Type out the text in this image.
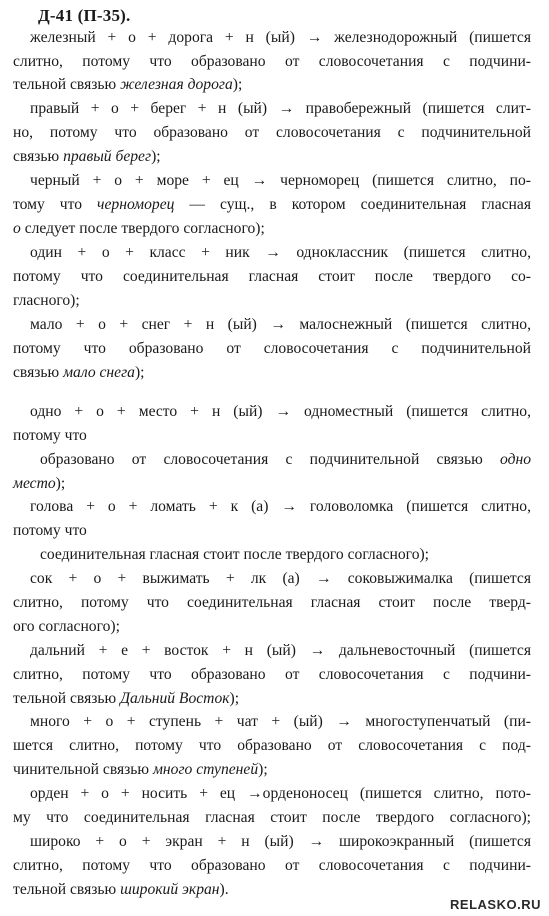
Д-41 (П-35).
железный + о + дорога + н (ый) → железнодорожный (пишется
слитно, потому что образовано от словосочетания с подчини-
тельной связью железная дорога);
правый + о + берег + н (ый) → правобережный (пишется слит-
но, потому что образовано от словосочетания с подчинительной
связью правый берег);
черный + о + море + ец → черноморец (пишется слитно, по-
тому что черноморец — сущ., в котором соединительная гласная
о следует после твердого согласного);
один + о + класс + ник → одноклассник (пишется слитно,
потому что соединительная гласная стоит после твердого со-
гласного);
мало + о + снег + н (ый) → малоснежный (пишется слитно,
потому что образовано от словосочетания с подчинительной
связью мало снега);
одно + о + место + н (ый) → одноместный (пишется слитно,
потому что
образовано от словосочетания с подчинительной связью одно
место);
голова + о + ломать + к (а) → головоломка (пишется слитно,
потому что
соединительная гласная стоит после твердого согласного);
сок + о + выжимать + лк (а) → соковыжималка (пишется
слитно, потому что соединительная гласная стоит после тверд-
ого согласного);
дальний + е + восток + н (ый) → дальневосточный (пишется
слитно, потому что образовано от словосочетания с подчини-
тельной связью Дальний Восток);
много + о + ступень + чат + (ый) → многоступенчатый (пи-
шется слитно, потому что образовано от словосочетания с под-
чинительной связью много ступеней);
орден + о + носить + ец →орденоносец (пишется слитно, пото-
му что соединительная гласная стоит после твердого согласного);
широко + о + экран + н (ый) → широкоэкранный (пишется
слитно, потому что образовано от словосочетания с подчини-
тельной связью широкий экран).
RELASKO.RU
